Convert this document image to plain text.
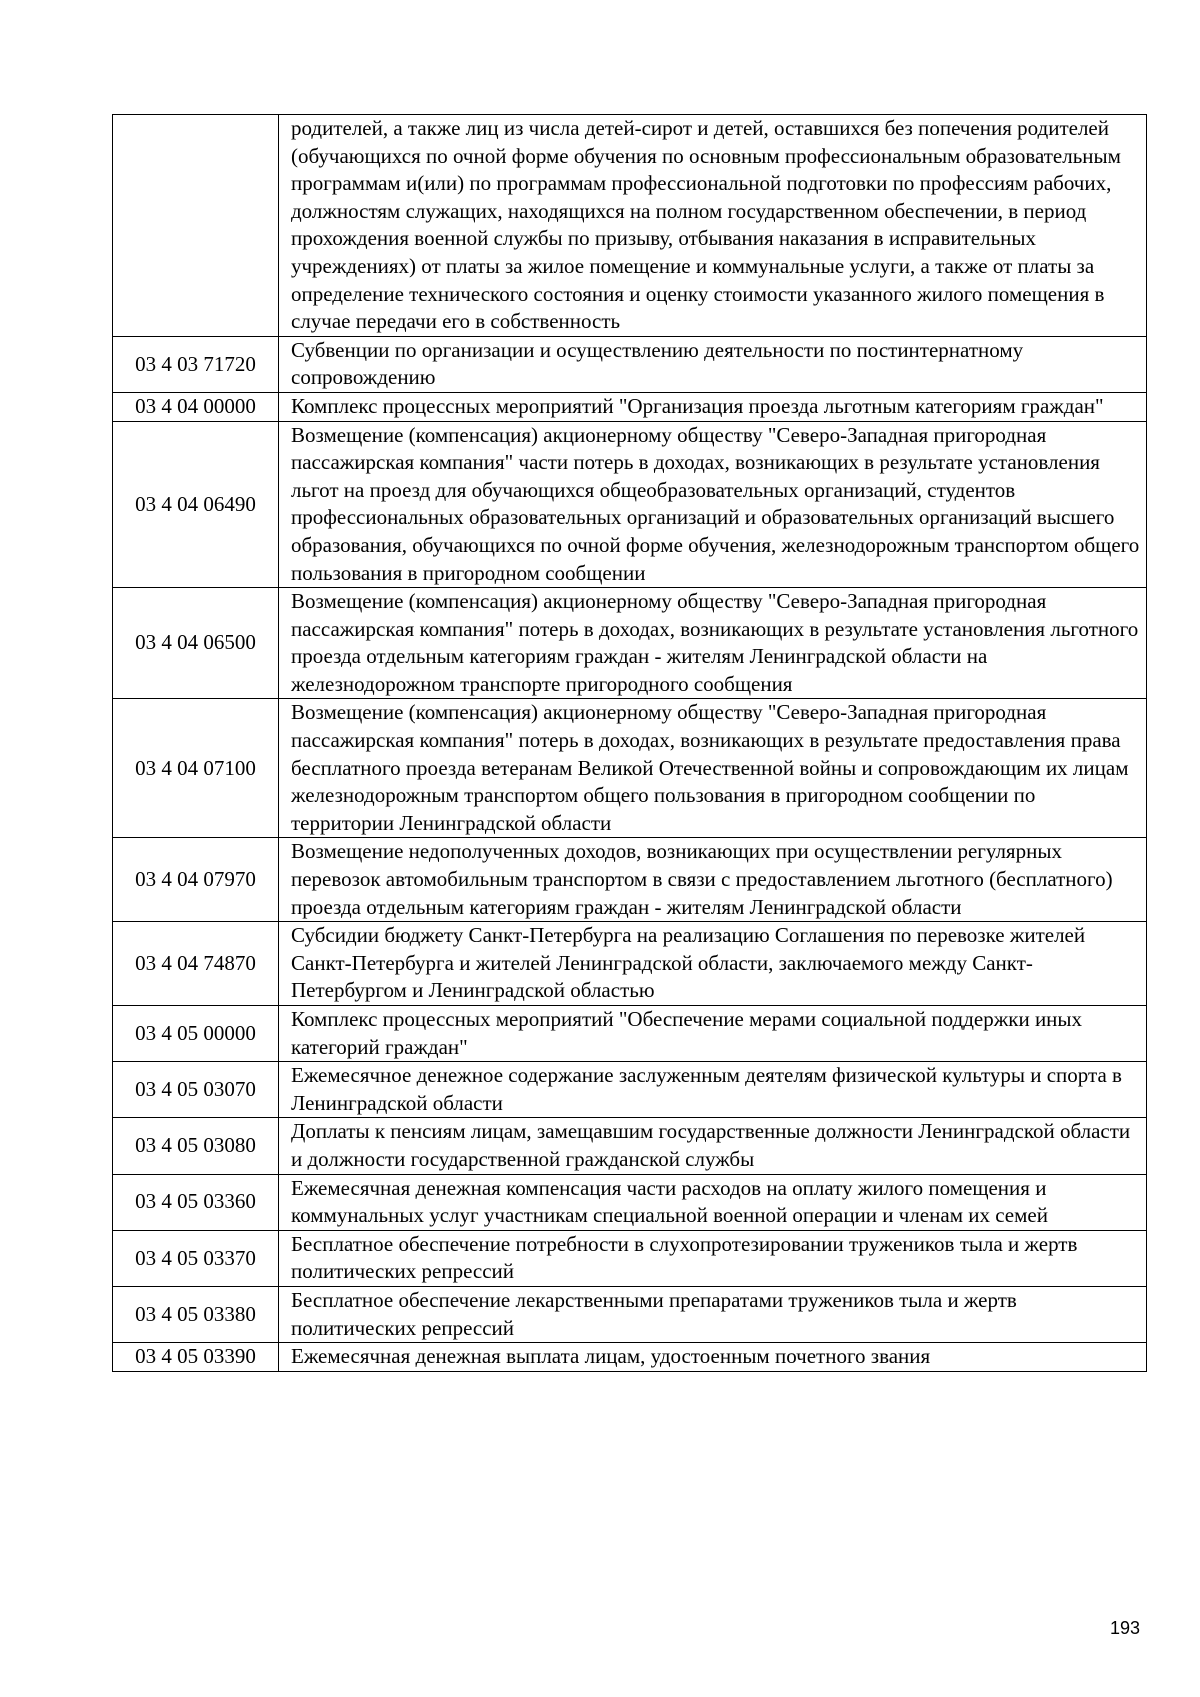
	родителей, а также лиц из числа детей-сирот и детей, оставшихся без попечения родителей (обучающихся по очной форме обучения по основным профессиональным образовательным программам и(или) по программам профессиональной подготовки по профессиям рабочих, должностям служащих, находящихся на полном государственном обеспечении, в период прохождения военной службы по призыву, отбывания наказания в исправительных учреждениях) от платы за жилое помещение и коммунальные услуги, а также от платы за определение технического состояния и оценку стоимости указанного жилого помещения в случае передачи его в собственность
03 4 03 71720	Субвенции по организации и осуществлению деятельности по постинтернатному сопровождению
03 4 04 00000	Комплекс процессных мероприятий "Организация проезда льготным категориям граждан"
03 4 04 06490	Возмещение (компенсация) акционерному обществу "Северо-Западная пригородная пассажирская компания" части потерь в доходах, возникающих в результате установления льгот на проезд для обучающихся общеобразовательных организаций, студентов профессиональных образовательных организаций и образовательных организаций высшего образования, обучающихся по очной форме обучения, железнодорожным транспортом общего пользования в пригородном сообщении
03 4 04 06500	Возмещение (компенсация) акционерному обществу "Северо-Западная пригородная пассажирская компания" потерь в доходах, возникающих в результате установления льготного проезда отдельным категориям граждан - жителям Ленинградской области на железнодорожном транспорте пригородного сообщения
03 4 04 07100	Возмещение (компенсация) акционерному обществу "Северо-Западная пригородная пассажирская компания" потерь в доходах, возникающих в результате предоставления права бесплатного проезда ветеранам Великой Отечественной войны и сопровождающим их лицам железнодорожным транспортом общего пользования в пригородном сообщении по территории Ленинградской области
03 4 04 07970	Возмещение недополученных доходов, возникающих при осуществлении регулярных перевозок автомобильным транспортом в связи с предоставлением льготного (бесплатного) проезда отдельным категориям граждан - жителям Ленинградской области
03 4 04 74870	Субсидии бюджету Санкт-Петербурга на реализацию Соглашения по перевозке жителей Санкт-Петербурга и жителей Ленинградской области, заключаемого между Санкт-Петербургом и Ленинградской областью
03 4 05 00000	Комплекс процессных мероприятий "Обеспечение мерами социальной поддержки иных категорий граждан"
03 4 05 03070	Ежемесячное денежное содержание заслуженным деятелям физической культуры и спорта в Ленинградской области
03 4 05 03080	Доплаты к пенсиям лицам, замещавшим государственные должности Ленинградской области и должности государственной гражданской службы
03 4 05 03360	Ежемесячная денежная компенсация части расходов на оплату жилого помещения и коммунальных услуг участникам специальной военной операции и членам их семей
03 4 05 03370	Бесплатное обеспечение потребности в слухопротезировании тружеников тыла и жертв политических репрессий
03 4 05 03380	Бесплатное обеспечение лекарственными препаратами тружеников тыла и жертв политических репрессий
03 4 05 03390	Ежемесячная денежная выплата лицам, удостоенным почетного звания
193
